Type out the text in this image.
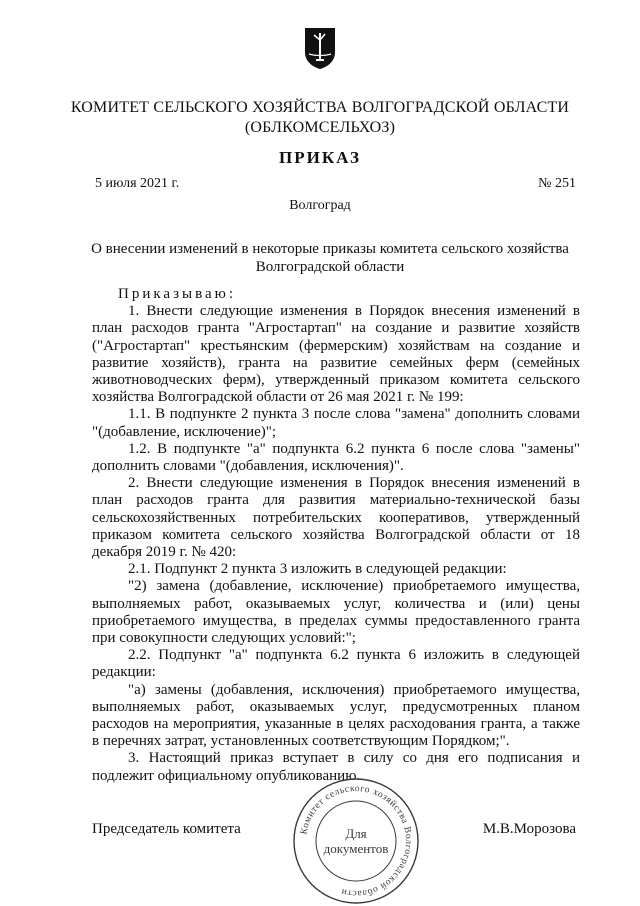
КОМИТЕТ СЕЛЬСКОГО ХОЗЯЙСТВА ВОЛГОГРАДСКОЙ ОБЛАСТИ
(ОБЛКОМСЕЛЬХОЗ)
ПРИКАЗ
5 июля 2021 г.	№ 251
Волгоград
О внесении изменений в некоторые приказы комитета сельского хозяйства
Волгоградской области

Приказываю:

1. Внести следующие изменения в Порядок внесения изменений в план расходов гранта "Агростартап" на создание и развитие хозяйств ("Агростартап" крестьянским (фермерским) хозяйствам на создание и развитие хозяйств), гранта на развитие семейных ферм (семейных животноводческих ферм), утвержденный приказом комитета сельского хозяйства Волгоградской области от 26 мая 2021 г. № 199:

1.1. В подпункте 2 пункта 3 после слова "замена" дополнить словами "(добавление, исключение)";

1.2. В подпункте "а" подпункта 6.2 пункта 6 после слова "замены" дополнить словами "(добавления, исключения)".

2. Внести следующие изменения в Порядок внесения изменений в план расходов гранта для развития материально-технической базы сельскохозяйственных потребительских кооперативов, утвержденный приказом комитета сельского хозяйства Волгоградской области от 18 декабря 2019 г. № 420:

2.1. Подпункт 2 пункта 3 изложить в следующей редакции:

"2) замена (добавление, исключение) приобретаемого имущества, выполняемых работ, оказываемых услуг, количества и (или) цены приобретаемого имущества, в пределах суммы предоставленного гранта при совокупности следующих условий:";

2.2. Подпункт "а" подпункта 6.2 пункта 6 изложить в следующей редакции:

"а) замены (добавления, исключения) приобретаемого имущества, выполняемых работ, оказываемых услуг, предусмотренных планом расходов на мероприятия, указанные в целях расходования гранта, а также в перечнях затрат, установленных соответствующим Порядком;".

3. Настоящий приказ вступает в силу со дня его подписания и подлежит официальному опубликованию.

Председатель комитета	М.В.Морозова
Комитет сельского хозяйства Волгоградской области
Для
документов
